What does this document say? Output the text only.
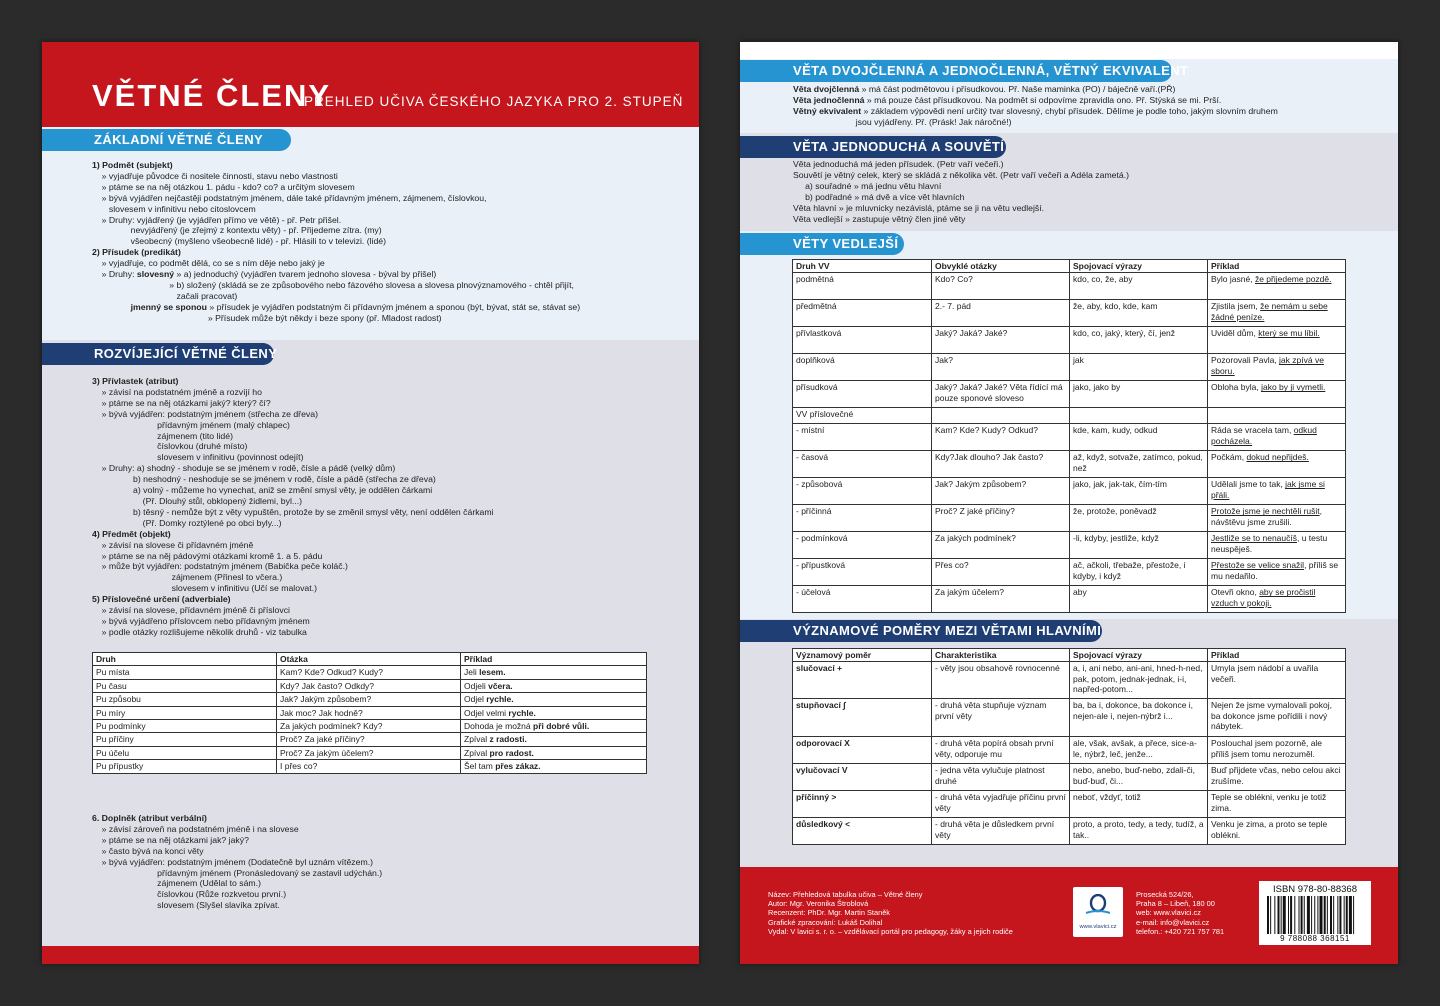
VĚTNÉ ČLENY
PŘEHLED UČIVA ČESKÉHO JAZYKA PRO 2. STUPEŇ
ZÁKLADNÍ VĚTNÉ ČLENY
1) Podmět (subjekt)
» vyjadřuje původce či nositele činnosti, stavu nebo vlastnosti
» ptáme se na něj otázkou 1. pádu - kdo? co? a určitým slovesem
» bývá vyjádřen nejčastěji podstatným jménem, dále také přídavným jménem, zájmenem, číslovkou,
slovesem v infinitivu nebo citoslovcem
» Druhy: vyjádřený (je vyjádřen přímo ve větě) - př. Petr přišel.
nevyjádřený (je zřejmý z kontextu věty) - př. Přijedeme zítra. (my)
všeobecný (myšleno všeobecně lidé) - př. Hlásili to v televizi. (lidé)
2) Přísudek (predikát)
» vyjadřuje, co podmět dělá, co se s ním děje nebo jaký je
» Druhy: slovesný » a) jednoduchý (vyjádřen tvarem jednoho slovesa - býval by přišel)
» b) složený (skládá se ze způsobového nebo fázového slovesa a slovesa plnovýznamového - chtěl přijít,
začali pracovat)
jmenný se sponou » přísudek je vyjádřen podstatným či přídavným jménem a sponou (být, bývat, stát se, stávat se)
» Přísudek může být někdy i beze spony (př. Mladost radost)
ROZVÍJEJÍCÍ VĚTNÉ ČLENY
3) Přívlastek (atribut)
» závisí na podstatném jméně a rozvíjí ho
» ptáme se na něj otázkami jaký? který? čí?
» bývá vyjádřen: podstatným jménem (střecha ze dřeva)
přídavným jménem (malý chlapec)
zájmenem (tito lidé)
číslovkou (druhé místo)
slovesem v infinitivu (povinnost odejít)
» Druhy: a) shodný - shoduje se se jménem v rodě, čísle a pádě (velký dům)
b) neshodný - neshoduje se se jménem v rodě, čísle a pádě (střecha ze dřeva)
a) volný - můžeme ho vynechat, aniž se změní smysl věty, je oddělen čárkami
(Př. Dlouhý stůl, obklopený židlemi, byl...)
b) těsný - nemůže být z věty vypuštěn, protože by se změnil smysl věty, není oddělen čárkami
(Př. Domky roztýlené po obci byly...)
4) Předmět (objekt)
» závisí na slovese či přídavném jméně
» ptáme se na něj pádovými otázkami kromě 1. a 5. pádu
» může být vyjádřen: podstatným jménem (Babička peče koláč.)
zájmenem (Přinesl to včera.)
slovesem v infinitivu (Učí se malovat.)
5) Příslovečné určení (adverbiale)
» závisí na slovese, přídavném jméně či příslovci
» bývá vyjádřeno příslovcem nebo přídavným jménem
» podle otázky rozlišujeme několik druhů - viz tabulka
Druh	Otázka	Příklad
Pu místa	Kam? Kde? Odkud? Kudy?	Jeli lesem.
Pu času	Kdy? Jak často? Odkdy?	Odjeli včera.
Pu způsobu	Jak? Jakým způsobem?	Odjel rychle.
Pu míry	Jak moc? Jak hodně?	Odjel velmi rychle.
Pu podmínky	Za jakých podmínek? Kdy?	Dohoda je možná při dobré vůli.
Pu příčiny	Proč? Za jaké příčiny?	Zpíval z radosti.
Pu účelu	Proč? Za jakým účelem?	Zpíval pro radost.
Pu přípustky	I přes co?	Šel tam přes zákaz.
6. Doplněk (atribut verbální)
» závisí zároveň na podstatném jméně i na slovese
» ptáme se na něj otázkami jak? jaký?
» často bývá na konci věty
» bývá vyjádřen: podstatným jménem (Dodatečně byl uznám vítězem.)
přídavným jménem (Pronásledovaný se zastavil udýchán.)
zájmenem (Udělal to sám.)
číslovkou (Růže rozkvetou první.)
slovesem (Slyšel slavíka zpívat.
VĚTA DVOJČLENNÁ A JEDNOČLENNÁ, VĚTNÝ EKVIVALENT
Věta dvojčlenná » má část podmětovou i přísudkovou. Př. Naše maminka (PO) / báječně vaří.(PŘ)
Věta jednočlenná » má pouze část přísudkovou. Na podmět si odpovíme zpravidla ono. Př. Stýská se mi. Prší.
Větný ekvivalent » základem výpovědi není určitý tvar slovesný, chybí přísudek. Dělíme je podle toho, jakým slovním druhem
jsou vyjádřeny. Př. (Prásk! Jak náročné!)
VĚTA JEDNODUCHÁ A SOUVĚTÍ
Věta jednoduchá má jeden přísudek. (Petr vaří večeři.)
Souvětí je větný celek, který se skládá z několika vět. (Petr vaří večeři a Adéla zametá.)
a) souřadné » má jednu větu hlavní
b) podřadné » má dvě a více vět hlavních
Věta hlavní » je mluvnicky nezávislá, ptáme se ji na větu vedlejší.
Věta vedlejší » zastupuje větný člen jiné věty
VĚTY VEDLEJŠÍ
Druh VV	Obvyklé otázky	Spojovací výrazy	Příklad
podmětná	Kdo? Co?	kdo, co, že, aby	Bylo jasné, že přijedeme pozdě.
předmětná	2.- 7. pád	že, aby, kdo, kde, kam	Zjistila jsem, že nemám u sebe žádné peníze.
přívlastková	Jaký? Jaká? Jaké?	kdo, co, jaký, který, čí, jenž	Uviděl dům, který se mu líbil.
doplňková	Jak?	jak	Pozorovali Pavla, jak zpívá ve sboru.
přísudková	Jaký? Jaká? Jaké? Věta řídící má pouze sponové sloveso	jako, jako by	Obloha byla, jako by ji vymetli.
VV příslovečné			
- místní	Kam? Kde? Kudy? Odkud?	kde, kam, kudy, odkud	Ráda se vracela tam, odkud pocházela.
- časová	Kdy?Jak dlouho? Jak často?	až, když, sotvaže, zatímco, pokud, než	Počkám, dokud nepřijdeš.
- způsobová	Jak? Jakým způsobem?	jako, jak, jak-tak, čím-tím	Udělali jsme to tak, jak jsme si přáli.
- příčinná	Proč? Z jaké příčiny?	že, protože, poněvadž	Protože jsme je nechtěli rušit, návštěvu jsme zrušili.
- podmínková	Za jakých podmínek?	-li, kdyby, jestliže, když	Jestliže se to nenaučíš, u testu neuspěješ.
- přípustková	Přes co?	ač, ačkoli, třebaže, přestože, i kdyby, i když	Přestože se velice snažil, příliš se mu nedařilo.
- účelová	Za jakým účelem?	aby	Otevři okno, aby se pročistil vzduch v pokoji.
VÝZNAMOVÉ POMĚRY MEZI VĚTAMI HLAVNÍMI
Významový poměr	Charakteristika	Spojovací výrazy	Příklad
slučovací +	- věty jsou obsahově rovnocenné	a, i, ani nebo, ani-ani, hned-h-ned, pak, potom, jednak-jednak, i-i, napřed-potom...	Umyla jsem nádobí a uvařila večeři.
stupňovací ∫	- druhá věta stupňuje význam první věty	ba, ba i, dokonce, ba dokonce i, nejen-ale i, nejen-nýbrž i...	Nejen že jsme vymalovali pokoj, ba dokonce jsme pořídili i nový nábytek.
odporovací X	- druhá věta popírá obsah první věty, odporuje mu	ale, však, avšak, a přece, sice-a-le, nýbrž, leč, jenže...	Poslouchal jsem pozorně, ale příliš jsem tomu nerozuměl.
vylučovací V	- jedna věta vylučuje platnost druhé	nebo, anebo, buď-nebo, zdali-či, buď-buď, či...	Buď přijdete včas, nebo celou akci zrušíme.
příčinný >	- druhá věta vyjadřuje příčinu první věty	neboť, vždyť, totiž	Teple se oblékni, venku je totiž zima.
důsledkový <	- druhá věta je důsledkem první věty	proto, a proto, tedy, a tedy, tudíž, a tak..	Venku je zima, a proto se teple oblékni.
Název: Přehledová tabulka učiva – Větné členy
Autor: Mgr. Veronika Štroblová
Recenzent: PhDr. Mgr. Martin Staněk
Grafické zpracování: Lukáš Dolihal
Vydal: V lavici s. r. o. – vzdělávací portál pro pedagogy, žáky a jejich rodiče	www.vlavici.cz
Prosecká 524/26,
Praha 8 – Libeň, 180 00
web: www.vlavici.cz
e-mail: info@vlavici.cz
telefon.: +420 721 757 781
ISBN 978-80-88368
9 788088 368151
